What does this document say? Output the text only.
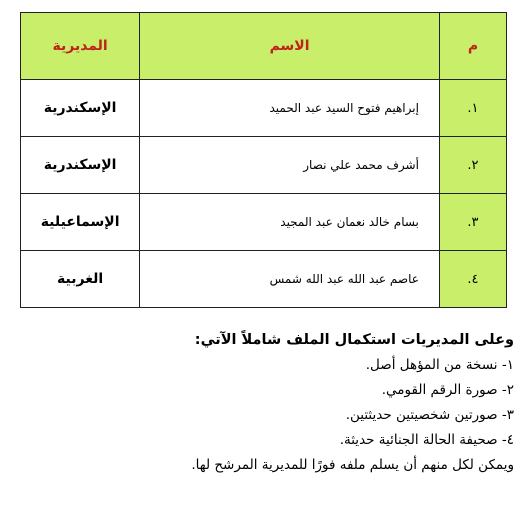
م	الاسم	المديرية
١.	إبراهيم فتوح السيد عبد الحميد	الإسكندرية
٢.	أشرف محمد علي نصار	الإسكندرية
٣.	بسام خالد نعمان عبد المجيد	الإسماعيلية
٤.	عاصم عبد الله عبد الله شمس	الغربية

وعلى المديريات استكمال الملف شاملاً الآتي:

١- نسخة من المؤهل أصل.

٢- صورة الرقم القومي.

٣- صورتين شخصيتين حديثتين.

٤- صحيفة الحالة الجنائية حديثة.

ويمكن لكل منهم أن يسلم ملفه فورًا للمديرية المرشح لها.
